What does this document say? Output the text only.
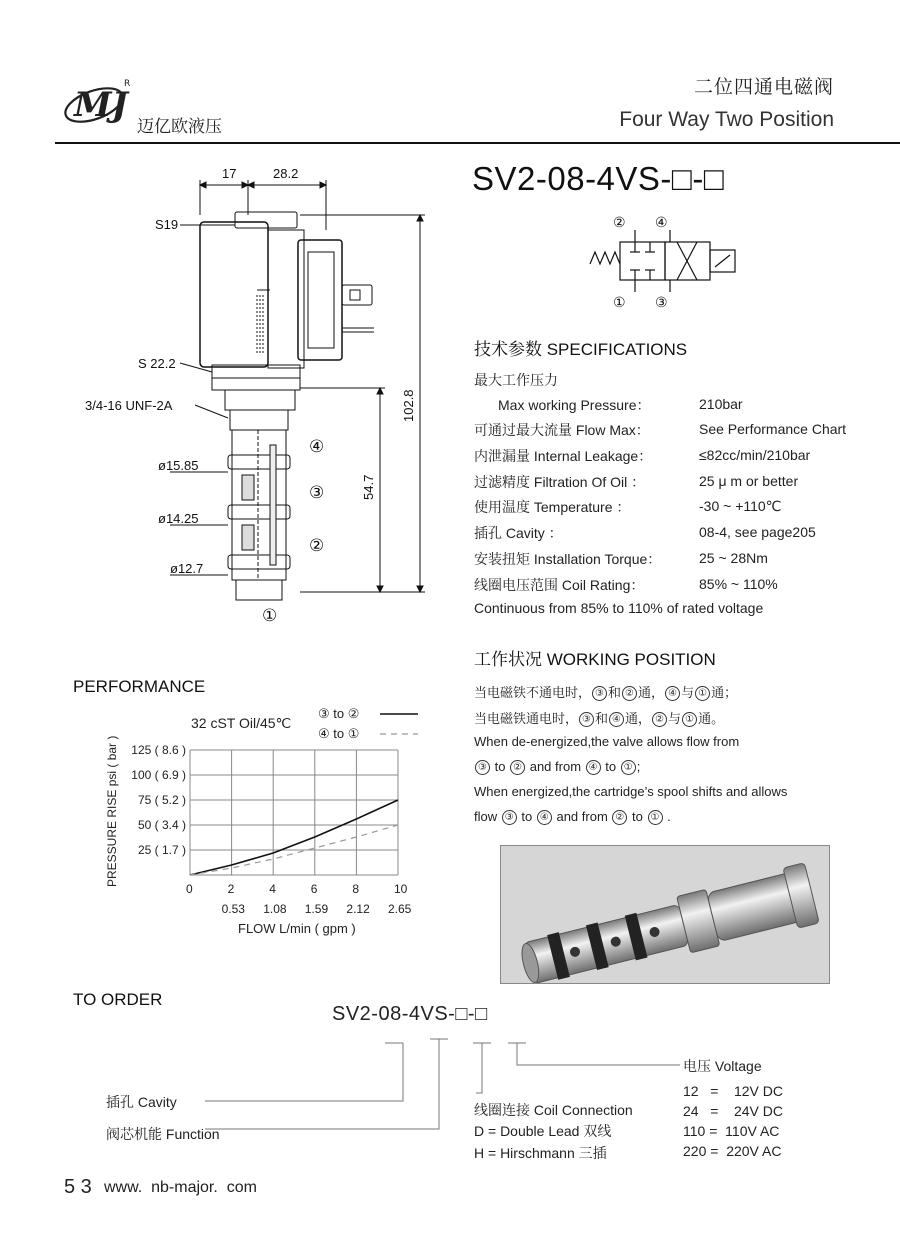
MJ
R
迈亿欧液压
二位四通电磁阀
Four Way Two Position
SV2-08-4VS-□-□
17	28.2
S19
S 22.2
3/4-16 UNF-2A
ø15.85
ø14.25
ø12.7
102.8
54.7
④
③
②
①
② ④
① ③
技术参数 SPECIFICATIONS
最大工作压力
Max working Pressure：	210bar
可通过最大流量 Flow Max：	See Performance Chart
内泄漏量 Internal Leakage：	≤82cc/min/210bar
过滤精度 Filtration Of Oil ：	25 μ m or better
使用温度 Temperature ：	-30 ~ +110℃
插孔 Cavity ：	08-4, see page205
安装扭矩 Installation Torque：	25 ~ 28Nm
线圈电压范围 Coil Rating：	85% ~ 110%
Continuous from 85% to 110% of rated voltage
工作状况 WORKING POSITION
当电磁铁不通电时， ③ 和 ② 通， ④ 与 ① 通；
当电磁铁通电时， ③ 和 ④ 通， ② 与 ① 通。
When de-energized,the valve allows flow from
③ to ② and from ④ to ① ;
When energized,the cartridge’s spool shifts and allows
flow ③ to ④ and from ② to ① .
PERFORMANCE
32 cST Oil/45℃
③ to ②
④ to ①
0	2	4	6	8	10
0.53 1.08 1.59 2.12 2.65
25 ( 1.7 )
50 ( 3.4 )
75 ( 5.2 )
100 ( 6.9 )
125 ( 8.6 )
FLOW L/min ( gpm )
PRESSURE RISE psi ( bar )
TO ORDER
SV2-08-4VS-□-□
插孔 Cavity
阀芯机能 Function
线圈连接 Coil Connection
D = Double Lead 双线
H = Hirschmann 三插
电压 Voltage
12   =    12V DC
24   =    24V DC
110 =  110V AC
220 =  220V AC
5 3 www.  nb-major.  com
